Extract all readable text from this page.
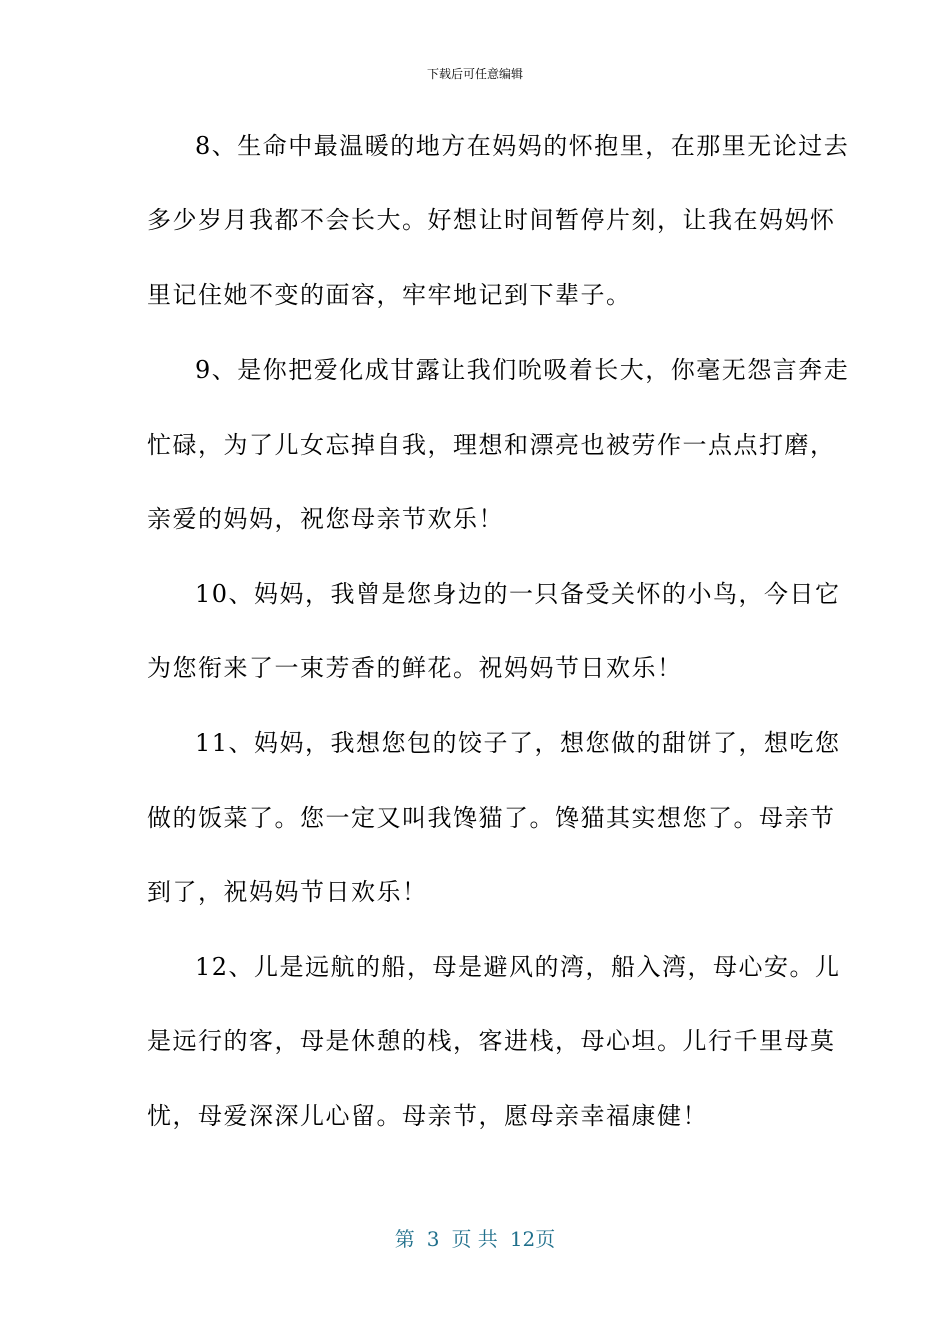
下载后可任意编辑
8、生命中最温暖的地方在妈妈的怀抱里，在那里无论过去
多少岁月我都不会长大。好想让时间暂停片刻，让我在妈妈怀
里记住她不变的面容，牢牢地记到下辈子。
9、是你把爱化成甘露让我们吮吸着长大，你毫无怨言奔走
忙碌，为了儿女忘掉自我，理想和漂亮也被劳作一点点打磨，
亲爱的妈妈，祝您母亲节欢乐！
10、妈妈，我曾是您身边的一只备受关怀的小鸟，今日它
为您衔来了一束芳香的鲜花。祝妈妈节日欢乐！
11、妈妈，我想您包的饺子了，想您做的甜饼了，想吃您
做的饭菜了。您一定又叫我馋猫了。馋猫其实想您了。母亲节
到了，祝妈妈节日欢乐！
12、儿是远航的船，母是避风的湾，船入湾，母心安。儿
是远行的客，母是休憩的栈，客进栈，母心坦。儿行千里母莫
忧，母爱深深儿心留。母亲节，愿母亲幸福康健！
第 3 页 共 12页
